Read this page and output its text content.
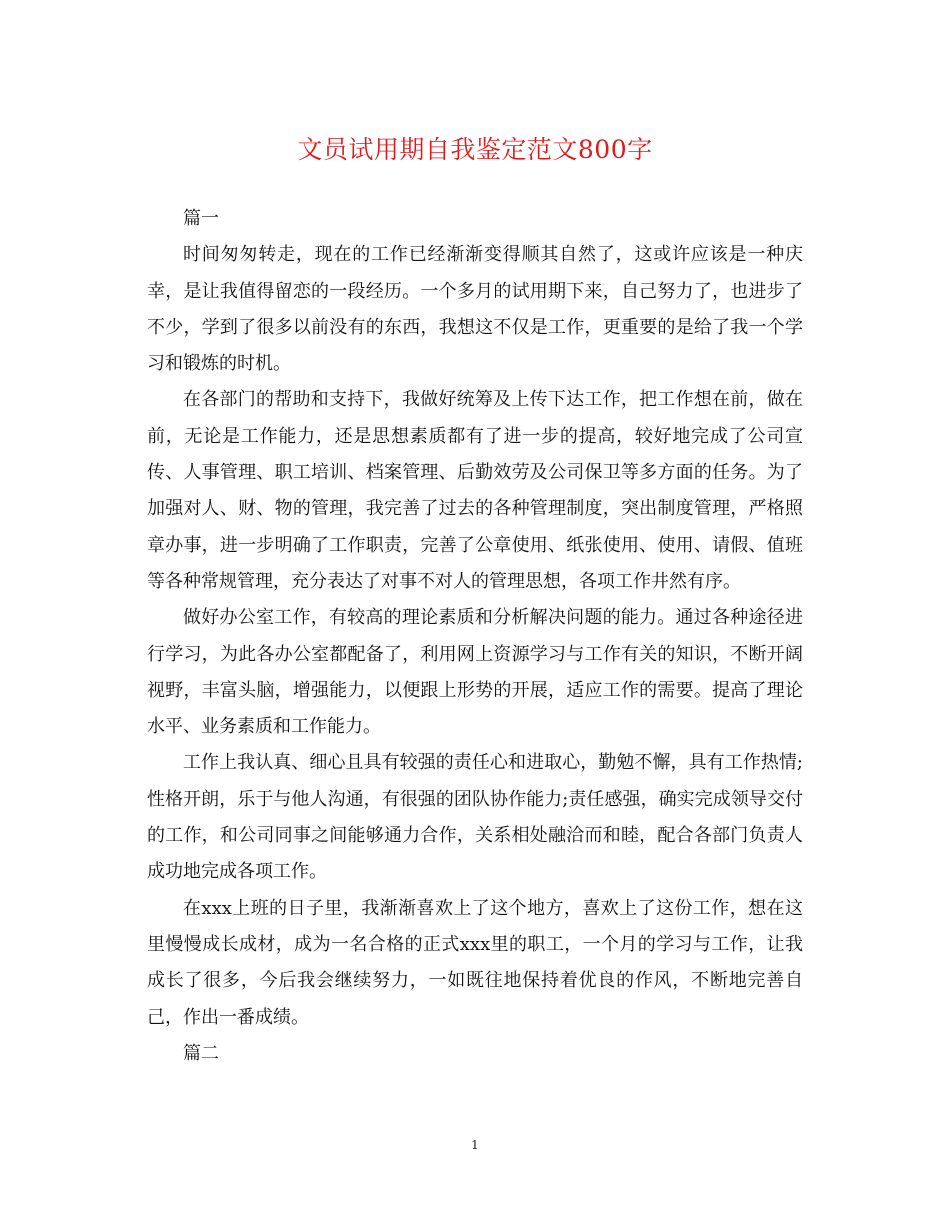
文员试用期自我鉴定范文800字

篇一

时间匆匆转走，现在的工作已经渐渐变得顺其自然了，这或许应该是一种庆幸，是让我值得留恋的一段经历。一个多月的试用期下来，自己努力了，也进步了不少，学到了很多以前没有的东西，我想这不仅是工作，更重要的是给了我一个学习和锻炼的时机。

在各部门的帮助和支持下，我做好统筹及上传下达工作，把工作想在前，做在前，无论是工作能力，还是思想素质都有了进一步的提高，较好地完成了公司宣传、人事管理、职工培训、档案管理、后勤效劳及公司保卫等多方面的任务。为了加强对人、财、物的管理，我完善了过去的各种管理制度，突出制度管理，严格照章办事，进一步明确了工作职责，完善了公章使用、纸张使用、使用、请假、值班等各种常规管理，充分表达了对事不对人的管理思想，各项工作井然有序。

做好办公室工作，有较高的理论素质和分析解决问题的能力。通过各种途径进行学习，为此各办公室都配备了，利用网上资源学习与工作有关的知识，不断开阔视野，丰富头脑，增强能力，以便跟上形势的开展，适应工作的需要。提高了理论水平、业务素质和工作能力。

工作上我认真、细心且具有较强的责任心和进取心，勤勉不懈，具有工作热情;性格开朗，乐于与他人沟通，有很强的团队协作能力;责任感强，确实完成领导交付的工作，和公司同事之间能够通力合作，关系相处融洽而和睦，配合各部门负责人成功地完成各项工作。

在xxx上班的日子里，我渐渐喜欢上了这个地方，喜欢上了这份工作，想在这里慢慢成长成材，成为一名合格的正式xxx里的职工，一个月的学习与工作，让我成长了很多，今后我会继续努力，一如既往地保持着优良的作风，不断地完善自己，作出一番成绩。

篇二

1
